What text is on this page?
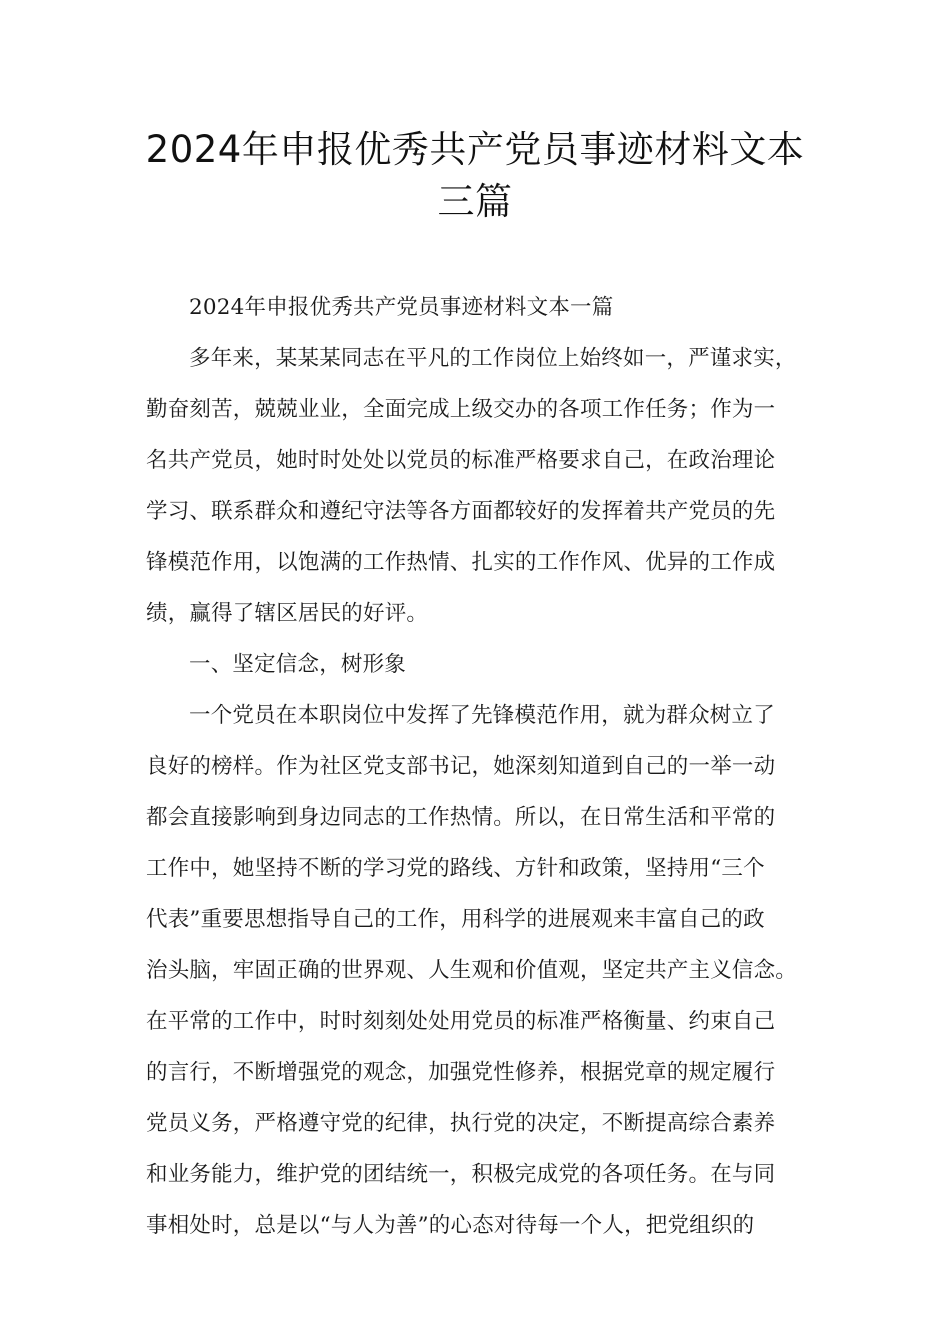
2024年申报优秀共产党员事迹材料文本
三篇
2024年申报优秀共产党员事迹材料文本一篇
多年来，某某某同志在平凡的工作岗位上始终如一，严谨求实，
勤奋刻苦，兢兢业业，全面完成上级交办的各项工作任务；作为一
名共产党员，她时时处处以党员的标准严格要求自己，在政治理论
学习、联系群众和遵纪守法等各方面都较好的发挥着共产党员的先
锋模范作用，以饱满的工作热情、扎实的工作作风、优异的工作成
绩，赢得了辖区居民的好评。
一、坚定信念，树形象
一个党员在本职岗位中发挥了先锋模范作用，就为群众树立了
良好的榜样。作为社区党支部书记，她深刻知道到自己的一举一动
都会直接影响到身边同志的工作热情。所以，在日常生活和平常的
工作中，她坚持不断的学习党的路线、方针和政策，坚持用“三个
代表”重要思想指导自己的工作，用科学的进展观来丰富自己的政
治头脑，牢固正确的世界观、人生观和价值观，坚定共产主义信念。
在平常的工作中，时时刻刻处处用党员的标准严格衡量、约束自己
的言行，不断增强党的观念，加强党性修养，根据党章的规定履行
党员义务，严格遵守党的纪律，执行党的决定，不断提高综合素养
和业务能力，维护党的团结统一，积极完成党的各项任务。在与同
事相处时，总是以“与人为善”的心态对待每一个人，把党组织的
